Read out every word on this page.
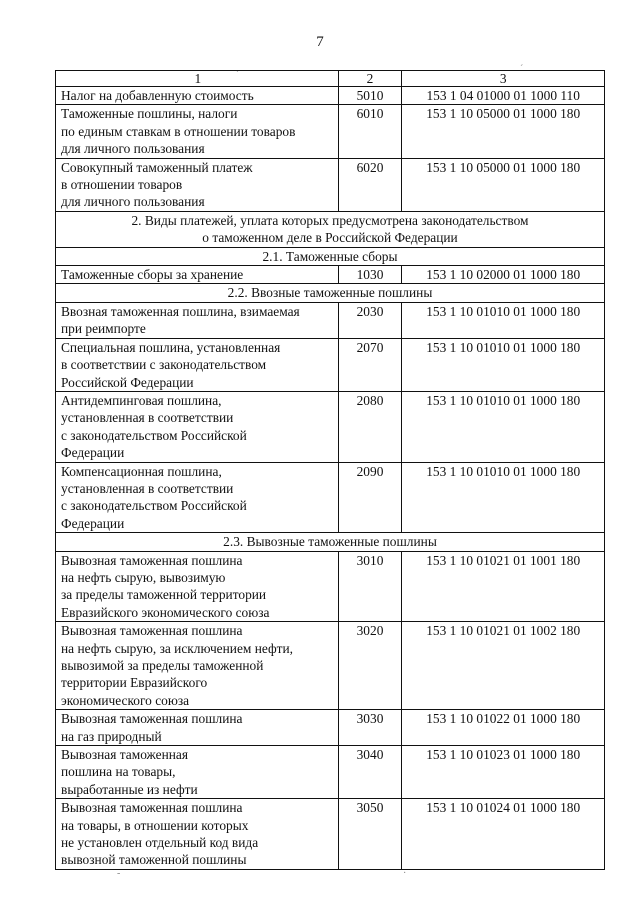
7
´
ˊ
-	·
1	2	3

Налог на добавленную стоимость	5010	153 1 04 01000 01 1000 110

Таможенные пошлины, налоги
по единым ставкам в отношении товаров
для личного пользования	6010	153 1 10 05000 01 1000 180

Совокупный таможенный платеж
в отношении товаров
для личного пользования	6020	153 1 10 05000 01 1000 180

2. Виды платежей, уплата которых предусмотрена законодательством
о таможенном деле в Российской Федерации		

2.1. Таможенные сборы		

Таможенные сборы за хранение	1030	153 1 10 02000 01 1000 180

2.2. Ввозные таможенные пошлины		

Ввозная таможенная пошлина, взимаемая
при реимпорте	2030	153 1 10 01010 01 1000 180

Специальная пошлина, установленная
в соответствии с законодательством
Российской Федерации	2070	153 1 10 01010 01 1000 180

Антидемпинговая пошлина,
установленная в соответствии
с законодательством Российской
Федерации	2080	153 1 10 01010 01 1000 180

Компенсационная пошлина,
установленная в соответствии
с законодательством Российской
Федерации	2090	153 1 10 01010 01 1000 180

2.3. Вывозные таможенные пошлины		

Вывозная таможенная пошлина
на нефть сырую, вывозимую
за пределы таможенной территории
Евразийского экономического союза	3010	153 1 10 01021 01 1001 180

Вывозная таможенная пошлина
на нефть сырую, за исключением нефти,
вывозимой за пределы таможенной
территории Евразийского
экономического союза	3020	153 1 10 01021 01 1002 180

Вывозная таможенная пошлина
на газ природный	3030	153 1 10 01022 01 1000 180

Вывозная таможенная
пошлина на товары,
выработанные из нефти	3040	153 1 10 01023 01 1000 180

Вывозная таможенная пошлина
на товары, в отношении которых
не установлен отдельный код вида
вывозной таможенной пошлины	3050	153 1 10 01024 01 1000 180
